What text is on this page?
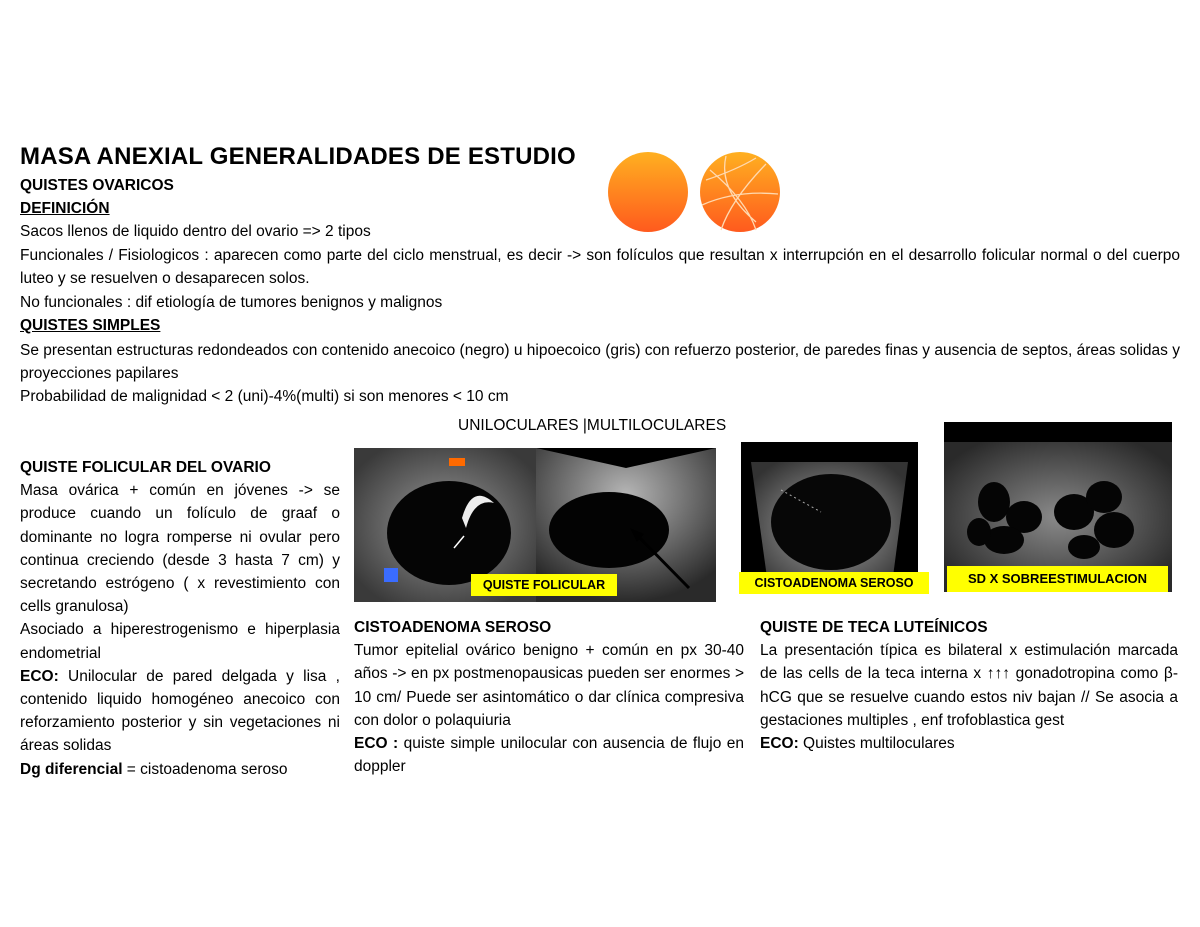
MASA ANEXIAL GENERALIDADES DE ESTUDIO
QUISTES OVARICOS
DEFINICIÓN
Sacos llenos de liquido dentro del ovario => 2 tipos
Funcionales / Fisiologicos : aparecen como parte del ciclo menstrual, es decir -> son folículos que resultan x interrupción en el desarrollo folicular normal o del cuerpo luteo y se resuelven o desaparecen solos.
No funcionales : dif etiología de tumores benignos y malignos
QUISTES SIMPLES
Se presentan estructuras redondeados con contenido anecoico (negro) u hipoecoico (gris) con refuerzo posterior, de paredes finas y ausencia de septos, áreas solidas y proyecciones papilares
Probabilidad de malignidad < 2 (uni)-4%(multi) si son menores < 10 cm
UNILOCULARES |MULTILOCULARES
QUISTE FOLICULAR	CISTOADENOMA SEROSO	SD X SOBREESTIMULACION

QUISTE FOLICULAR DEL OVARIO

Masa ovárica + común en jóvenes -> se produce cuando un folículo de graaf o dominante no logra romperse ni ovular pero continua creciendo (desde 3 hasta 7 cm) y secretando estrógeno ( x revestimiento con cells granulosa)

Asociado a hiperestrogenismo e hiperplasia endometrial

ECO: Unilocular de pared delgada y lisa , contenido liquido homogéneo anecoico con reforzamiento posterior y sin vegetaciones ni áreas solidas

Dg diferencial = cistoadenoma seroso

CISTOADENOMA SEROSO

Tumor epitelial ovárico benigno + común en px 30-40 años -> en px postmenopausicas pueden ser enormes > 10 cm/ Puede ser asintomático o dar clínica compresiva con dolor o polaquiuria

ECO : quiste simple unilocular con ausencia de flujo en doppler

QUISTE DE TECA LUTEÍNICOS

La presentación típica es bilateral x estimulación marcada de las cells de la teca interna x ↑↑↑ gonadotropina como β-hCG que se resuelve cuando estos niv bajan // Se asocia a gestaciones multiples , enf trofoblastica gest

ECO: Quistes multiloculares
